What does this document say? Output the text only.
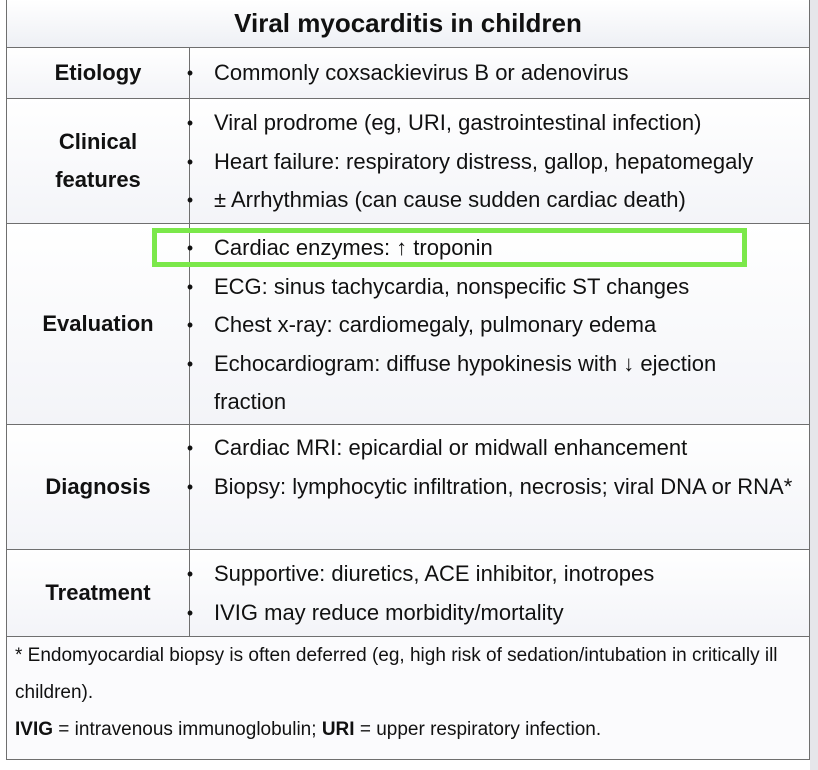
Viral myocarditis in children
Etiology	• Commonly coxsackievirus B or adenovirus
Clinical features
• Viral prodrome (eg, URI, gastrointestinal infection)
• Heart failure: respiratory distress, gallop, hepatomegaly
• ± Arrhythmias (can cause sudden cardiac death)
Evaluation
• Cardiac enzymes: ↑ troponin
• ECG: sinus tachycardia, nonspecific ST changes
• Chest x-ray: cardiomegaly, pulmonary edema
• Echocardiogram: diffuse hypokinesis with ↓ ejection fraction
Diagnosis
• Cardiac MRI: epicardial or midwall enhancement
• Biopsy: lymphocytic infiltration, necrosis; viral DNA or RNA*
Treatment
• Supportive: diuretics, ACE inhibitor, inotropes
• IVIG may reduce morbidity/mortality

* Endomyocardial biopsy is often deferred (eg, high risk of sedation/intubation in critically ill children).

IVIG = intravenous immunoglobulin; URI = upper respiratory infection.
